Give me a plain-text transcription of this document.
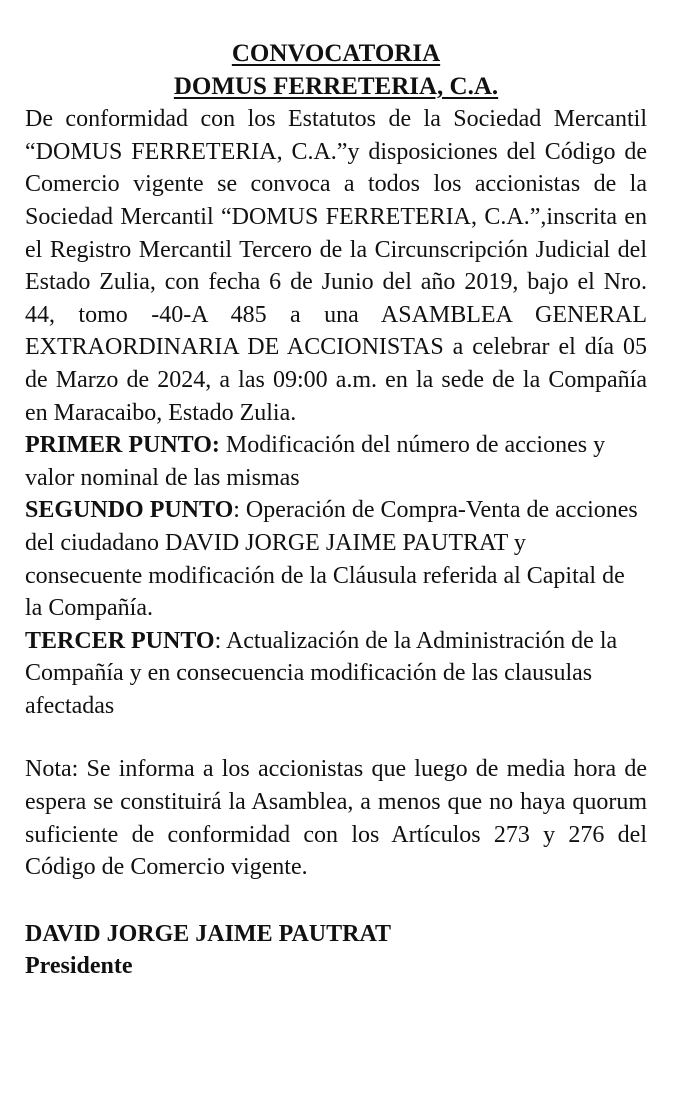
CONVOCATORIA
DOMUS FERRETERIA, C.A.
De conformidad con los Estatutos de la Sociedad Mercantil “DOMUS FERRETERIA, C.A.”y disposiciones del Código de Comercio vigente se convoca a todos los accionistas de la Sociedad Mercantil “DOMUS FERRETERIA, C.A.”,inscrita en el Registro Mercantil Tercero de la Circunscripción Judicial del Estado Zulia, con fecha 6 de Junio del año 2019, bajo el Nro. 44, tomo -40-A 485 a una ASAMBLEA GENERAL EXTRAORDINARIA DE ACCIONISTAS a celebrar el día 05 de Marzo de 2024, a las 09:00 a.m. en la sede de la Compañía en Maracaibo, Estado Zulia.
PRIMER PUNTO: Modificación del número de acciones y valor nominal de las mismas
SEGUNDO PUNTO: Operación de Compra-Venta de acciones del ciudadano DAVID JORGE JAIME PAUTRAT y consecuente modificación de la Cláusula referida al Capital de la Compañía.
TERCER PUNTO: Actualización de la Administración de la Compañía y en consecuencia modificación de las clausulas afectadas
Nota: Se informa a los accionistas que luego de media hora de espera se constituirá la Asamblea, a menos que no haya quorum suficiente de conformidad con los Artículos 273 y 276 del Código de Comercio vigente.
DAVID JORGE JAIME PAUTRAT
Presidente
